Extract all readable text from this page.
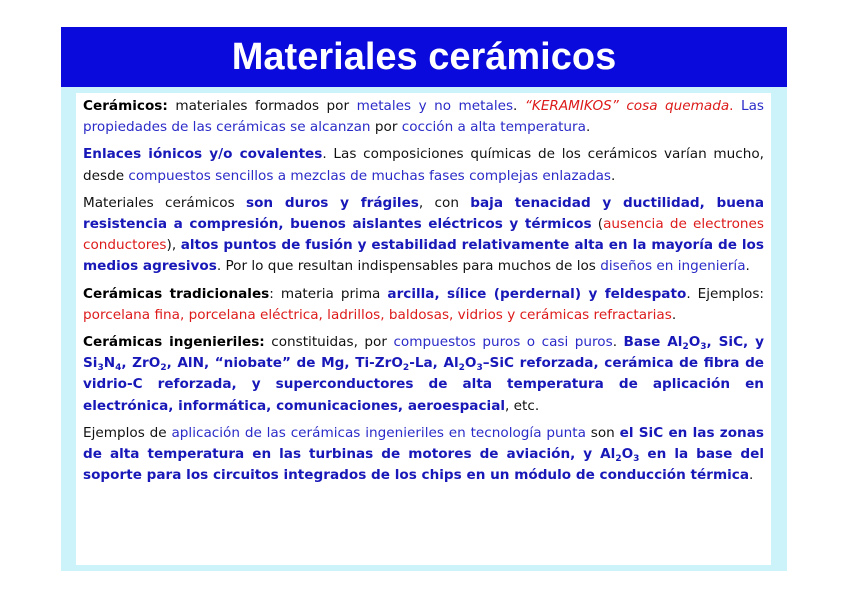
Materiales cerámicos

Cerámicos: materiales formados por metales y no metales. “KERAMIKOS” cosa quemada. Las propiedades de las cerámicas se alcanzan por cocción a alta temperatura.

Enlaces iónicos y/o covalentes. Las composiciones químicas de los cerámicos varían mucho, desde compuestos sencillos a mezclas de muchas fases complejas enlazadas.

Materiales cerámicos son duros y frágiles, con baja tenacidad y ductilidad, buena resistencia a compresión, buenos aislantes eléctricos y térmicos (ausencia de electrones conductores), altos puntos de fusión y estabilidad relativamente alta en la mayoría de los medios agresivos. Por lo que resultan indispensables para muchos de los diseños en ingeniería.

Cerámicas tradicionales: materia prima arcilla, sílice (perdernal) y feldespato. Ejemplos: porcelana fina, porcelana eléctrica, ladrillos, baldosas, vidrios y cerámicas refractarias.

Cerámicas ingenieriles: constituidas, por compuestos puros o casi puros. Base $Al_2O_3$, SiC, y $Si_3N_4$, ZrO$_2$, AlN, “niobate” de Mg, Ti-ZrO$_2$-La, $Al_2O_3$–SiC reforzada, cerámica de fibra de vidrio-C reforzada, y superconductores de alta temperatura de aplicación en electrónica, informática, comunicaciones, aeroespacial, etc.

Ejemplos de aplicación de las cerámicas ingenieriles en tecnología punta son el SiC en las zonas de alta temperatura en las turbinas de motores de aviación, y $Al_2O_3$ en la base del soporte para los circuitos integrados de los chips en un módulo de conducción térmica.
